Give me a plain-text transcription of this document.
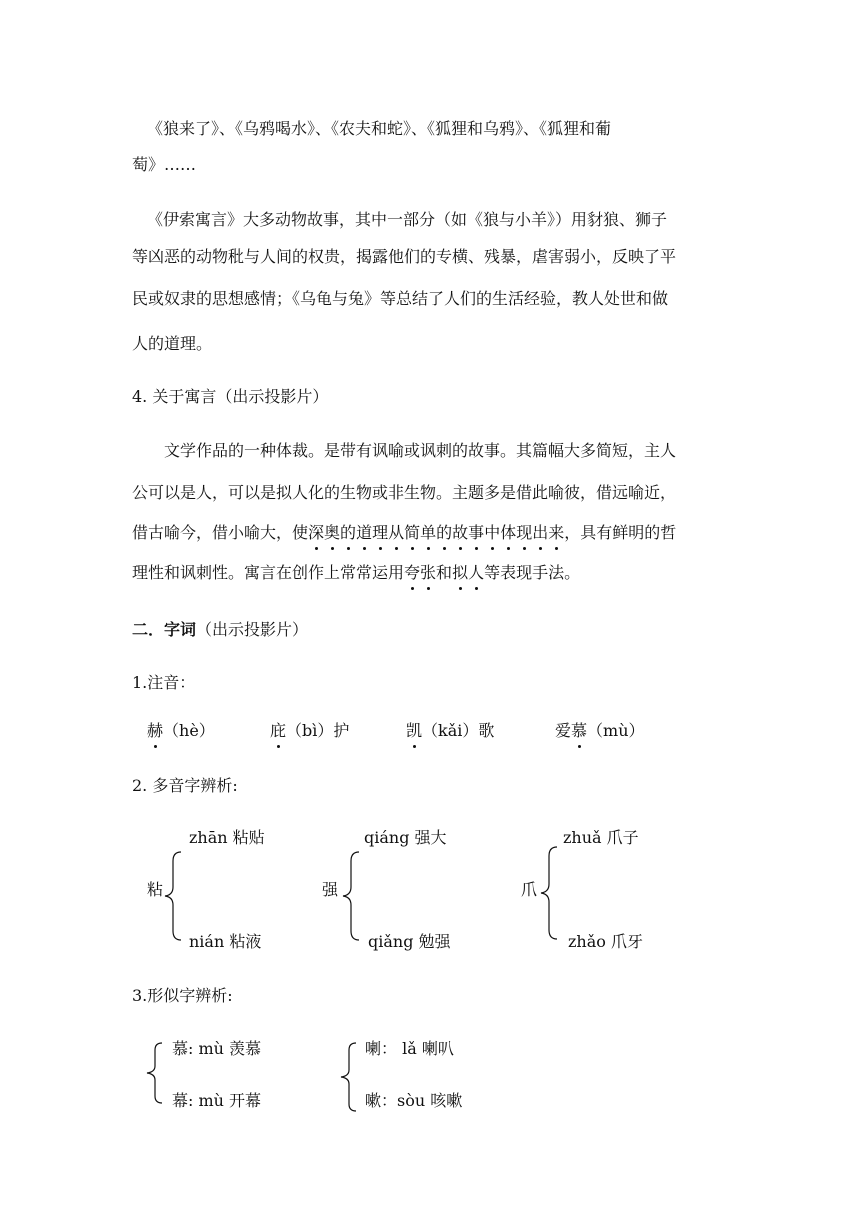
《狼来了》、《乌鸦喝水》、《农夫和蛇》、《狐狸和乌鸦》、《狐狸和葡
萄》……
《伊索寓言》大多动物故事，其中一部分（如《狼与小羊》）用豺狼、狮子
等凶恶的动物秕与人间的权贵，揭露他们的专横、残暴，虐害弱小，反映了平
民或奴隶的思想感情；《乌龟与兔》等总结了人们的生活经验，教人处世和做
人的道理。
4. 关于寓言（出示投影片）
文学作品的一种体裁。是带有讽喻或讽刺的故事。其篇幅大多简短，主人
公可以是人，可以是拟人化的生物或非生物。主题多是借此喻彼，借远喻近，
借古喻今，借小喻大，使深奥的道理从简单的故事中体现出来，具有鲜明的哲
理性和讽刺性。寓言在创作上常常运用夸张和拟人等表现手法。
二．字词（出示投影片）
1.注音：
赫（hè）	庇（bì）护	凯（kǎi）歌	爱慕（mù）
2. 多音字辨析:
zhān 粘贴
粘
nián 粘液
qiáng 强大
强
qiǎng 勉强
zhuǎ 爪子
爪
zhǎo 爪牙
3.形似字辨析:
慕: mù 羡慕
幕: mù 开幕
喇： lǎ 喇叭
嗽：sòu 咳嗽
